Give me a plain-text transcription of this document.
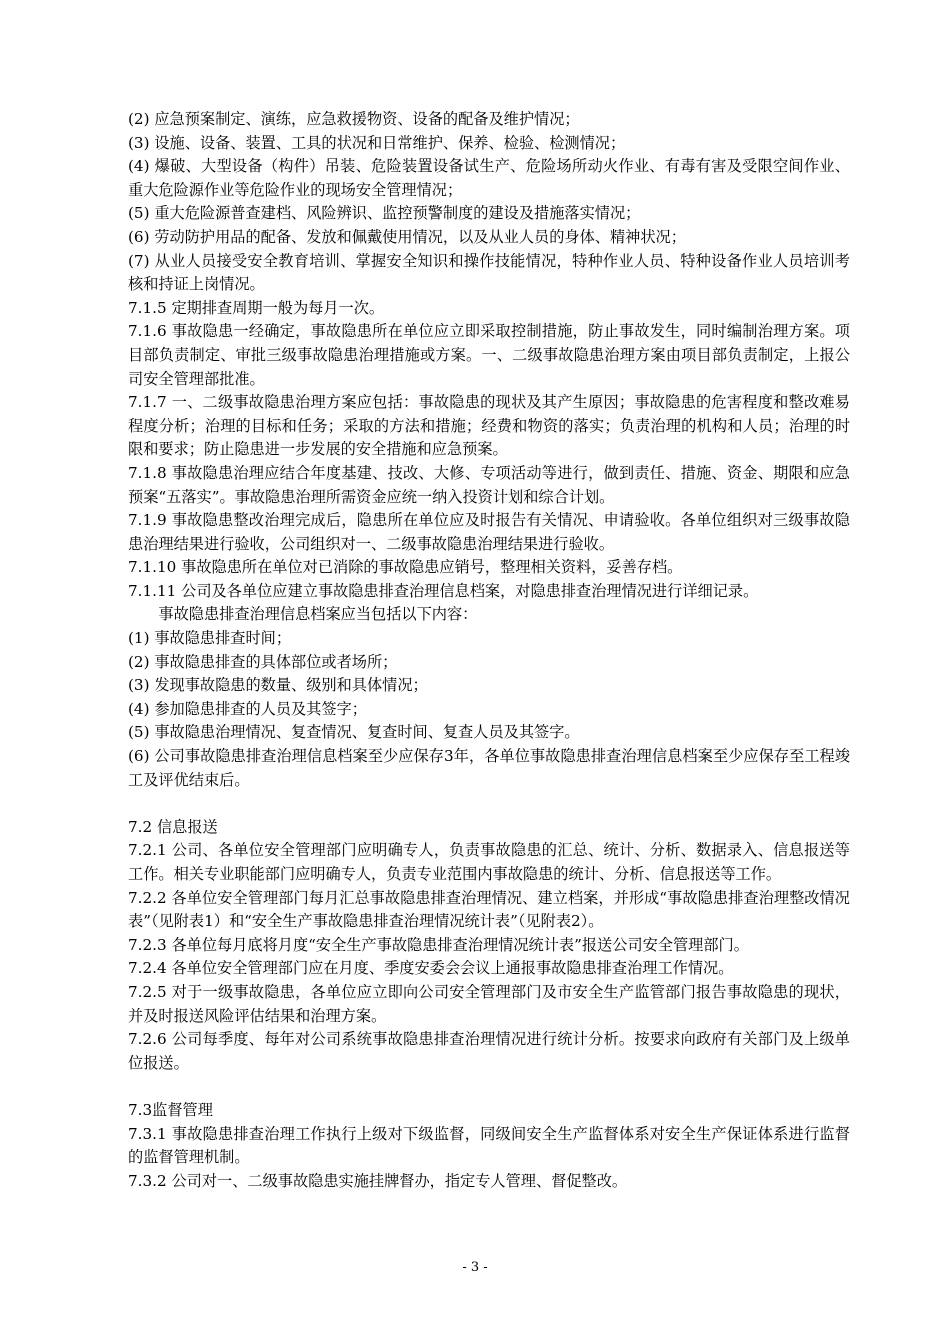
(2) 应急预案制定、演练，应急救援物资、设备的配备及维护情况；

(3) 设施、设备、装置、工具的状况和日常维护、保养、检验、检测情况；

(4) 爆破、大型设备（构件）吊装、危险装置设备试生产、危险场所动火作业、有毒有害及受限空间作业、重大危险源作业等危险作业的现场安全管理情况；

(5) 重大危险源普查建档、风险辨识、监控预警制度的建设及措施落实情况；

(6) 劳动防护用品的配备、发放和佩戴使用情况，以及从业人员的身体、精神状况；

(7) 从业人员接受安全教育培训、掌握安全知识和操作技能情况，特种作业人员、特种设备作业人员培训考核和持证上岗情况。

7.1.5 定期排查周期一般为每月一次。

7.1.6 事故隐患一经确定，事故隐患所在单位应立即采取控制措施，防止事故发生，同时编制治理方案。项目部负责制定、审批三级事故隐患治理措施或方案。一、二级事故隐患治理方案由项目部负责制定，上报公司安全管理部批准。

7.1.7 一、二级事故隐患治理方案应包括：事故隐患的现状及其产生原因；事故隐患的危害程度和整改难易程度分析；治理的目标和任务；采取的方法和措施；经费和物资的落实；负责治理的机构和人员；治理的时限和要求；防止隐患进一步发展的安全措施和应急预案。

7.1.8 事故隐患治理应结合年度基建、技改、大修、专项活动等进行，做到责任、措施、资金、期限和应急预案“五落实”。事故隐患治理所需资金应统一纳入投资计划和综合计划。

7.1.9 事故隐患整改治理完成后，隐患所在单位应及时报告有关情况、申请验收。各单位组织对三级事故隐患治理结果进行验收，公司组织对一、二级事故隐患治理结果进行验收。

7.1.10 事故隐患所在单位对已消除的事故隐患应销号，整理相关资料，妥善存档。

7.1.11 公司及各单位应建立事故隐患排查治理信息档案，对隐患排查治理情况进行详细记录。

事故隐患排查治理信息档案应当包括以下内容：

(1) 事故隐患排查时间；

(2) 事故隐患排查的具体部位或者场所；

(3) 发现事故隐患的数量、级别和具体情况；

(4) 参加隐患排查的人员及其签字；

(5) 事故隐患治理情况、复查情况、复查时间、复查人员及其签字。

(6) 公司事故隐患排查治理信息档案至少应保存3年，各单位事故隐患排查治理信息档案至少应保存至工程竣工及评优结束后。

7.2 信息报送

7.2.1 公司、各单位安全管理部门应明确专人，负责事故隐患的汇总、统计、分析、数据录入、信息报送等工作。相关专业职能部门应明确专人，负责专业范围内事故隐患的统计、分析、信息报送等工作。

7.2.2 各单位安全管理部门每月汇总事故隐患排查治理情况、建立档案，并形成“事故隐患排查治理整改情况表”（见附表1）和“安全生产事故隐患排查治理情况统计表”（见附表2）。

7.2.3 各单位每月底将月度“安全生产事故隐患排查治理情况统计表”报送公司安全管理部门。

7.2.4 各单位安全管理部门应在月度、季度安委会会议上通报事故隐患排查治理工作情况。

7.2.5 对于一级事故隐患，各单位应立即向公司安全管理部门及市安全生产监管部门报告事故隐患的现状，并及时报送风险评估结果和治理方案。

7.2.6 公司每季度、每年对公司系统事故隐患排查治理情况进行统计分析。按要求向政府有关部门及上级单位报送。

7.3监督管理

7.3.1 事故隐患排查治理工作执行上级对下级监督，同级间安全生产监督体系对安全生产保证体系进行监督的监督管理机制。

7.3.2 公司对一、二级事故隐患实施挂牌督办，指定专人管理、督促整改。

- 3 -
